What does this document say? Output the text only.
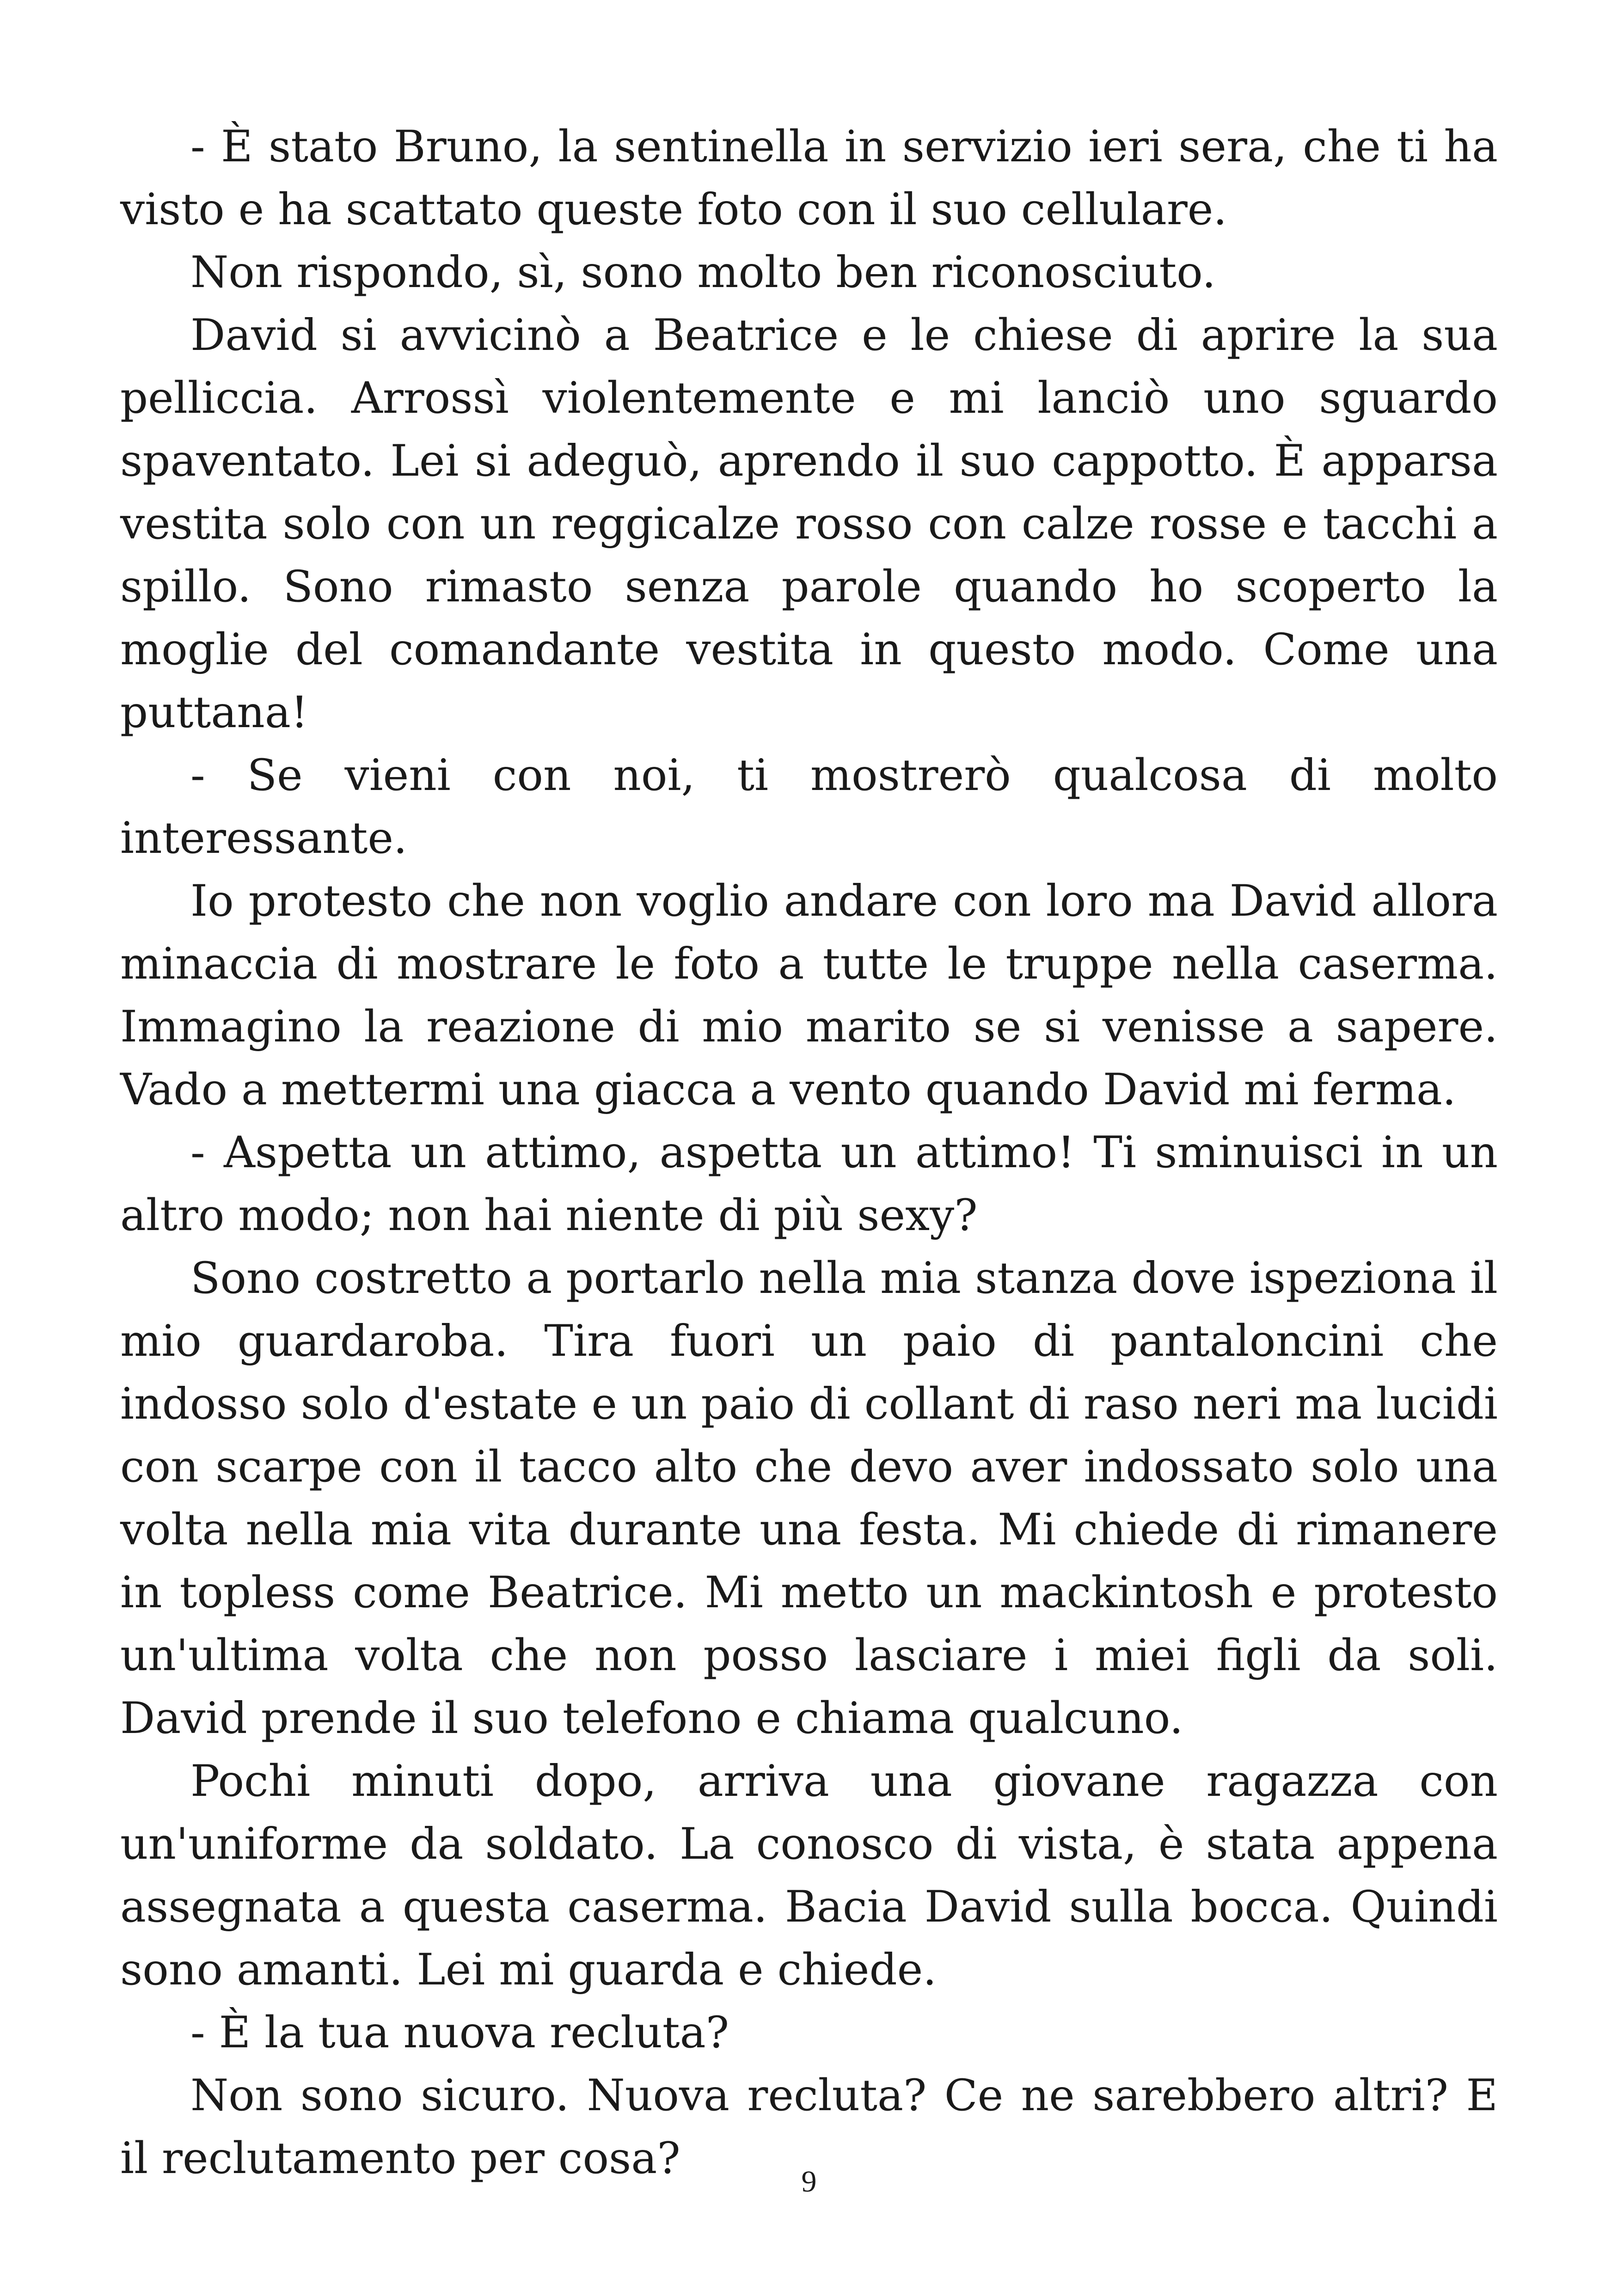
- È stato Bruno, la sentinella in servizio ieri sera, che ti ha visto e ha scattato queste foto con il suo cellulare.

Non rispondo, sì, sono molto ben riconosciuto.

David si avvicinò a Beatrice e le chiese di aprire la sua pelliccia. Arrossì violentemente e mi lanciò uno sguardo spaventato. Lei si adeguò, aprendo il suo cappotto. È apparsa vestita solo con un reggicalze rosso con calze rosse e tacchi a spillo. Sono rimasto senza parole quando ho scoperto la moglie del comandante vestita in questo modo. Come una puttana!

- Se vieni con noi, ti mostrerò qualcosa di molto interessante.

Io protesto che non voglio andare con loro ma David allora minaccia di mostrare le foto a tutte le truppe nella caserma. Immagino la reazione di mio marito se si venisse a sapere. Vado a mettermi una giacca a vento quando David mi ferma.

- Aspetta un attimo, aspetta un attimo! Ti sminuisci in un altro modo; non hai niente di più sexy?

Sono costretto a portarlo nella mia stanza dove ispeziona il mio guardaroba. Tira fuori un paio di pantaloncini che indosso solo d'estate e un paio di collant di raso neri ma lucidi con scarpe con il tacco alto che devo aver indossato solo una volta nella mia vita durante una festa. Mi chiede di rimanere in topless come Beatrice. Mi metto un mackintosh e protesto un'ultima volta che non posso lasciare i miei figli da soli. David prende il suo telefono e chiama qualcuno.

Pochi minuti dopo, arriva una giovane ragazza con un'uniforme da soldato. La conosco di vista, è stata appena assegnata a questa caserma. Bacia David sulla bocca. Quindi sono amanti. Lei mi guarda e chiede.

- È la tua nuova recluta?

Non sono sicuro. Nuova recluta? Ce ne sarebbero altri? E il reclutamento per cosa?	9
